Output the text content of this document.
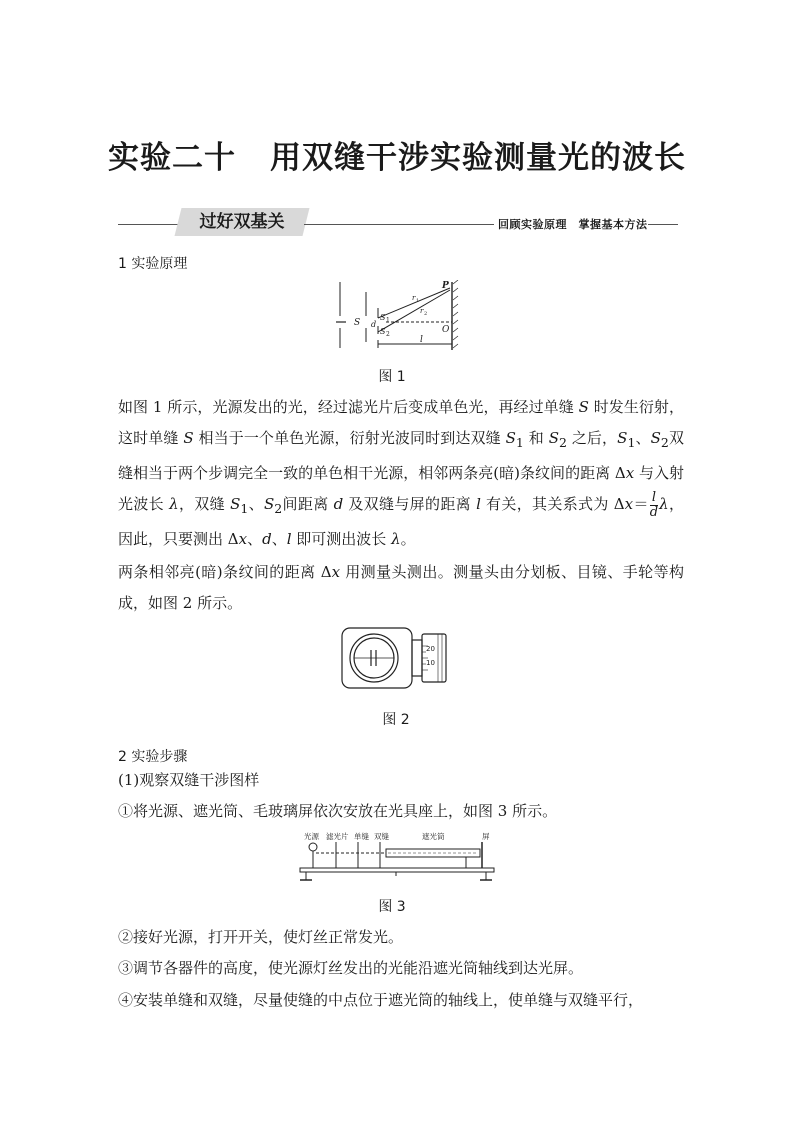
实验二十 用双缝干涉实验测量光的波长
过好双基关	回顾实验原理　掌握基本方法
1 实验原理
S d
S 1
S 2
r 1
r 2
P
O
l
图 1
如图 1 所示，光源发出的光，经过滤光片后变成单色光，再经过单缝 S 时发生衍射，这时单缝 S 相当于一个单色光源，衍射光波同时到达双缝 $S_1$ 和 $S_2$ 之后，$S_1$、$S_2$双缝相当于两个步调完全一致的单色相干光源，相邻两条亮(暗)条纹间的距离 Δx 与入射光波长 λ，双缝 $S_1$、$S_2$间距离 d 及双缝与屏的距离 l 有关，其关系式为 $\Delta x= \frac{l}{d}$ λ，因此，只要测出 Δx、d、l 即可测出波长 λ。
两条相邻亮(暗)条纹间的距离 Δx 用测量头测出。测量头由分划板、目镜、手轮等构成，如图 2 所示。
20
10
图 2
2 实验步骤
(1)观察双缝干涉图样
①将光源、遮光筒、毛玻璃屏依次安放在光具座上，如图 3 所示。
光源 滤光片 单缝 双缝	遮光筒	屏
图 3
②接好光源，打开开关，使灯丝正常发光。
③调节各器件的高度，使光源灯丝发出的光能沿遮光筒轴线到达光屏。
④安装单缝和双缝，尽量使缝的中点位于遮光筒的轴线上，使单缝与双缝平行，
